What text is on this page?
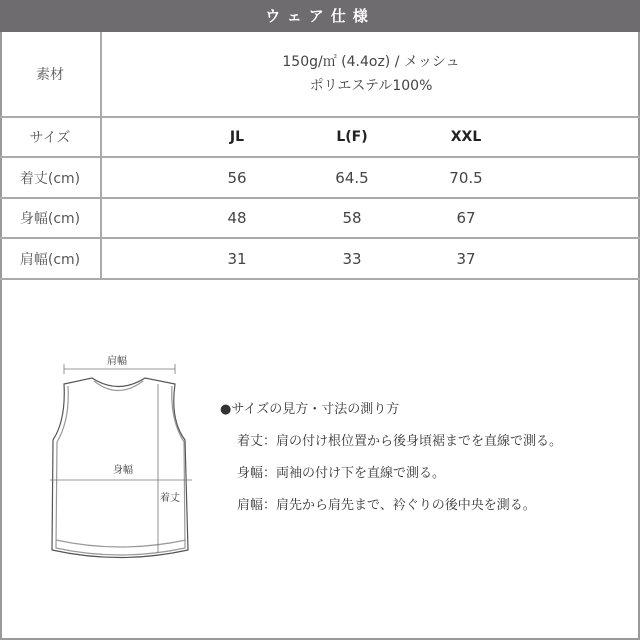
ウェア仕様
素材
150g/㎡ (4.4oz) / メッシュ
ポリエステル100%
サイズ	JL	L(F)	XXL
着丈(cm)	56	64.5	70.5
身幅(cm)	48	58	67
肩幅(cm)	31	33	37
肩幅
身幅
着丈
●サイズの見方・寸法の測り方
着丈：肩の付け根位置から後身頃裾までを直線で測る。
身幅：両袖の付け下を直線で測る。
肩幅：肩先から肩先まで、衿ぐりの後中央を測る。
